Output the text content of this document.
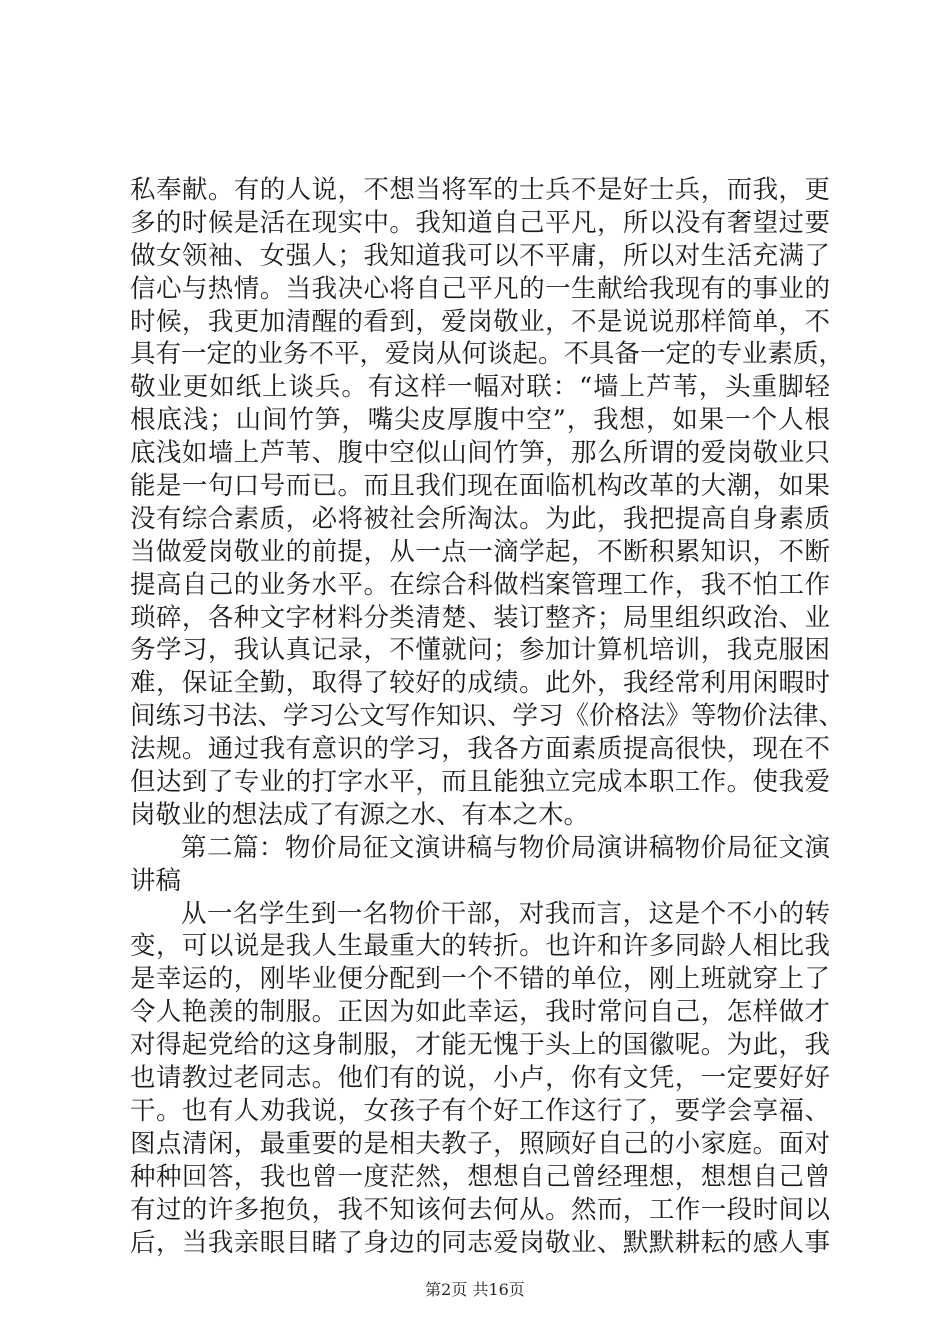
私奉献。有的人说，不想当将军的士兵不是好士兵，而我，更
多的时候是活在现实中。我知道自己平凡，所以没有奢望过要
做女领袖、女强人；我知道我可以不平庸，所以对生活充满了
信心与热情。当我决心将自己平凡的一生献给我现有的事业的
时候，我更加清醒的看到，爱岗敬业，不是说说那样简单，不
具有一定的业务不平，爱岗从何谈起。不具备一定的专业素质，
敬业更如纸上谈兵。有这样一幅对联：“墙上芦苇，头重脚轻
根底浅；山间竹笋，嘴尖皮厚腹中空”，我想，如果一个人根
底浅如墙上芦苇、腹中空似山间竹笋，那么所谓的爱岗敬业只
能是一句口号而已。而且我们现在面临机构改革的大潮，如果
没有综合素质，必将被社会所淘汰。为此，我把提高自身素质
当做爱岗敬业的前提，从一点一滴学起，不断积累知识，不断
提高自己的业务水平。在综合科做档案管理工作，我不怕工作
琐碎，各种文字材料分类清楚、装订整齐；局里组织政治、业
务学习，我认真记录，不懂就问；参加计算机培训，我克服困
难，保证全勤，取得了较好的成绩。此外，我经常利用闲暇时
间练习书法、学习公文写作知识、学习《价格法》等物价法律、
法规。通过我有意识的学习，我各方面素质提高很快，现在不
但达到了专业的打字水平，而且能独立完成本职工作。使我爱
岗敬业的想法成了有源之水、有本之木。
第二篇：物价局征文演讲稿与物价局演讲稿物价局征文演
讲稿
从一名学生到一名物价干部，对我而言，这是个不小的转
变，可以说是我人生最重大的转折。也许和许多同龄人相比我
是幸运的，刚毕业便分配到一个不错的单位，刚上班就穿上了
令人艳羡的制服。正因为如此幸运，我时常问自己，怎样做才
对得起党给的这身制服，才能无愧于头上的国徽呢。为此，我
也请教过老同志。他们有的说，小卢，你有文凭，一定要好好
干。也有人劝我说，女孩子有个好工作这行了，要学会享福、
图点清闲，最重要的是相夫教子，照顾好自己的小家庭。面对
种种回答，我也曾一度茫然，想想自己曾经理想，想想自己曾
有过的许多抱负，我不知该何去何从。然而，工作一段时间以
后，当我亲眼目睹了身边的同志爱岗敬业、默默耕耘的感人事
第2页 共16页
